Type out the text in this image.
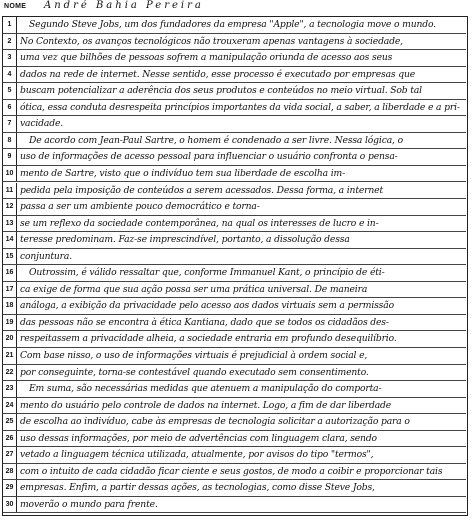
NOME André Bahia Pereira
1	Segundo Steve Jobs, um dos fundadores da empresa "Apple", a tecnologia move o mundo.
2 No Contexto, os avanços tecnológicos não trouxeram apenas vantagens à sociedade,
3 uma vez que bilhões de pessoas sofrem a manipulação oriunda de acesso aos seus
4 dados na rede de internet. Nesse sentido, esse processo é executado por empresas que
5 buscam potencializar a aderência dos seus produtos e conteúdos no meio virtual. Sob tal
6 ótica, essa conduta desrespeita princípios importantes da vida social, a saber, a liberdade e a pri-
7 vacidade.
8	De acordo com Jean-Paul Sartre, o homem é condenado a ser livre. Nessa lógica, o
9 uso de informações de acesso pessoal para influenciar o usuário confronta o pensa-
10 mento de Sartre, visto que o indivíduo tem sua liberdade de escolha im-
11 pedida pela imposição de conteúdos a serem acessados. Dessa forma, a internet
12 passa a ser um ambiente pouco democrático e torna-
13 se um reflexo da sociedade contemporânea, na qual os interesses de lucro e in-
14 teresse predominam. Faz-se imprescindível, portanto, a dissolução dessa
15 conjuntura.
16	Outrossim, é válido ressaltar que, conforme Immanuel Kant, o princípio de éti-
17 ca exige de forma que sua ação possa ser uma prática universal. De maneira
18 análoga, a exibição da privacidade pelo acesso aos dados virtuais sem a permissão
19 das pessoas não se encontra à ética Kantiana, dado que se todos os cidadãos des-
20 respeitassem a privacidade alheia, a sociedade entraria em profundo desequilíbrio.
21 Com base nisso, o uso de informações virtuais é prejudicial à ordem social e,
22 por conseguinte, torna-se contestável quando executado sem consentimento.
23	Em suma, são necessárias medidas que atenuem a manipulação do comporta-
24 mento do usuário pelo controle de dados na internet. Logo, a fim de dar liberdade
25 de escolha ao indivíduo, cabe às empresas de tecnologia solicitar a autorização para o
26 uso dessas informações, por meio de advertências com linguagem clara, sendo
27 vetado a linguagem técnica utilizada, atualmente, por avisos do tipo "termos",
28 com o intuito de cada cidadão ficar ciente e seus gostos, de modo a coibir e proporcionar tais
29 empresas. Enfim, a partir dessas ações, as tecnologias, como disse Steve Jobs,
30 moverão o mundo para frente.
